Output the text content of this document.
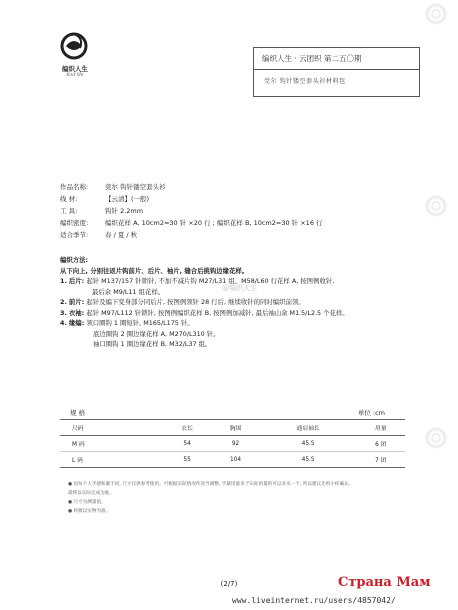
编织人生
Knit life
编织人生 · 云团织 第二五〇期
莞尔 钩针镂空套头衫材料包
作品名称:	莞尔 钩针镂空套头衫
线 材:	【云清】(一般)
工 具:	钩针 2.2mm
编织密度:	编织花样 A, 10cm2=30 针 ×20 行 ; 编织花样 B, 10cm2=30 针 ×16 行
适合季节:	春 / 夏 / 秋
编织方法:
从下向上, 分别往返片钩前片、后片、袖片, 缝合后挑钩边缘花样。
1. 后片: 起针 M137/157 针锁针, 不加不减片钩 M27/L31 组、M58/L60 行花样 A, 按图例收针,
最后余 M9/L11 组花样。
2. 前片: 起针及编下变身部分同后片, 按图例领针 28 行后, 继续收针的同时编织前领。
3. 衣袖: 起针 M97/L112 针锁针, 按图例编织花样 B, 按图例加减针, 最后袖山余 M1.5/L2.5 个花样。
4. 缘编: 领口圈钩 1 圈短针, M165/L175 针。
底边圈钩 2 圈边缘花样 A, M270/L310 针。
袖口圈钩 1 圈边缘花样 B, M32/L37 组。
@编织人生
规 格	单位 :cm
尺码	衣长	胸围	通肩袖长	用量
M 码	54	92	45.5	6 团
L 码	55	104	45.5	7 团
● 因每个人手感和紧不同, 尺寸仅供参考使用。可根据实际情况作适当调整, 手紧用量多于实际用量的可以多买一个, 所以建议先织小样确认。
最终以实际完成为准。
● 尺寸为测量值。
● 样板以实物为准。
(2/7)	Страна Мам
www.liveinternet.ru/users/4857042/
